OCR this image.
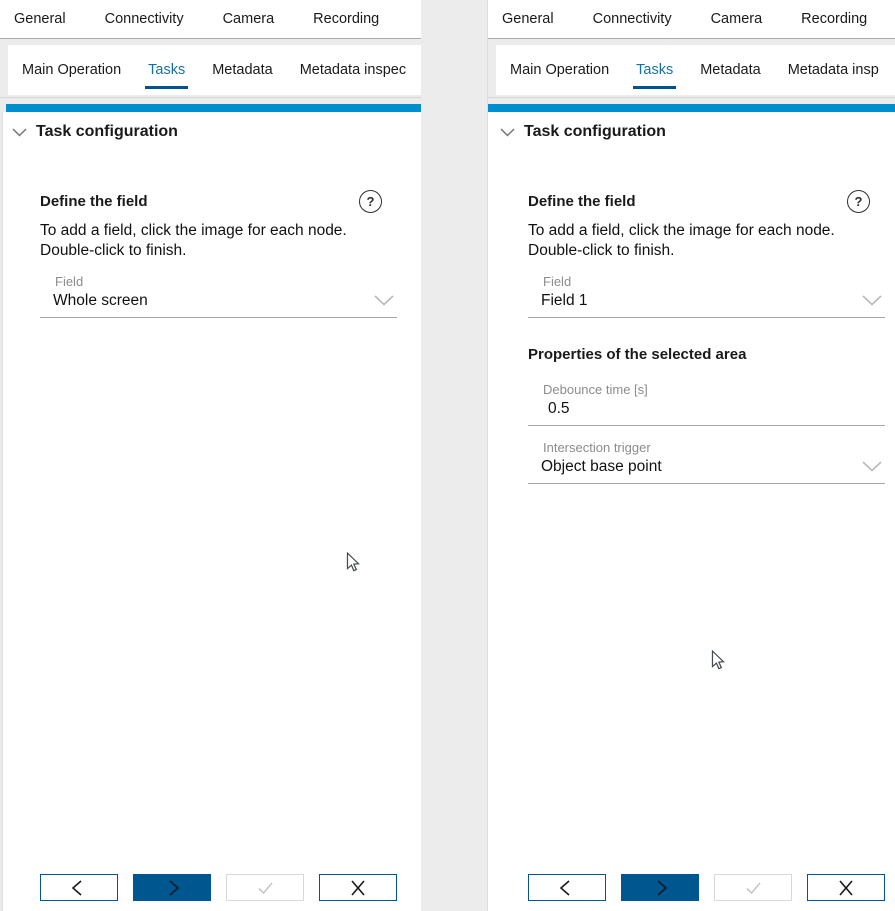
General	Connectivity	Camera	Recording
Main Operation Tasks Metadata Metadata inspec
Task configuration
Define the field	?
To add a field, click the image for each node.
Double-click to finish.
Field
Whole screen
General	Connectivity	Camera	Recording
Main Operation Tasks Metadata Metadata insp
Task configuration
Define the field	?
To add a field, click the image for each node.
Double-click to finish.
Field
Field 1
Properties of the selected area
Debounce time [s]
0.5
Intersection trigger
Object base point
